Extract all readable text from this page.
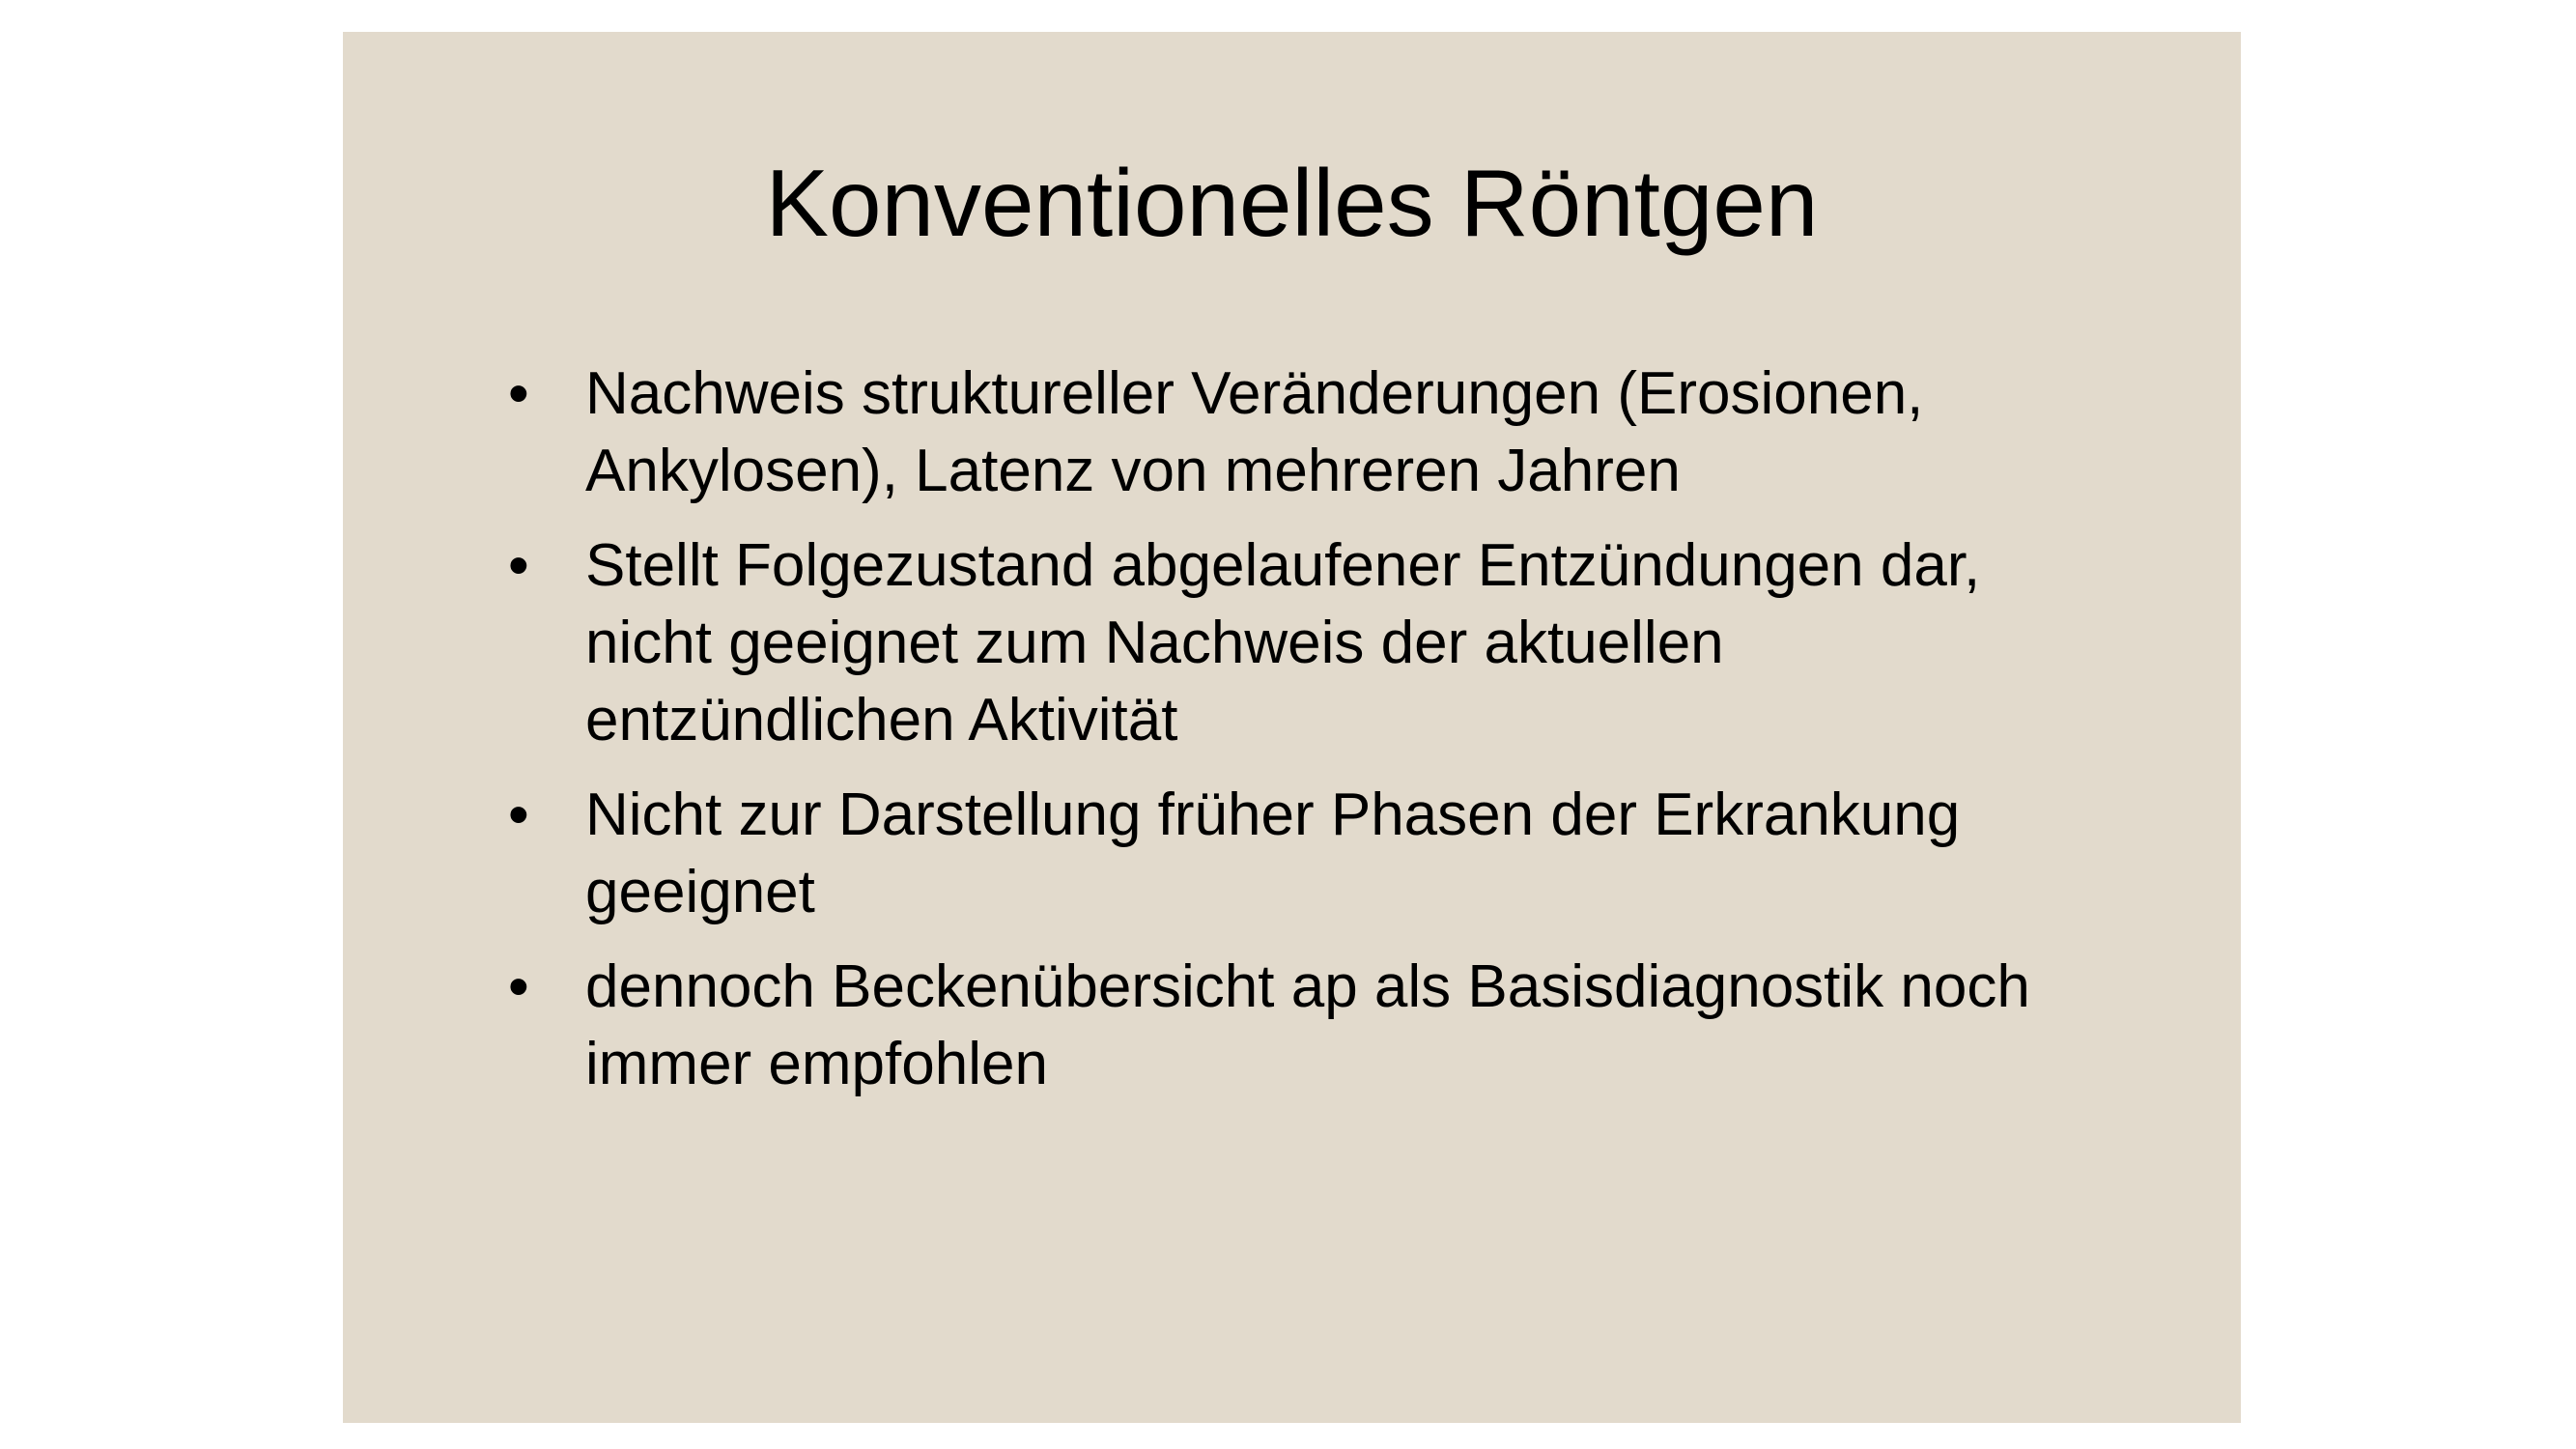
Konventionelles Röntgen
• Nachweis struktureller Veränderungen (Erosionen,
Ankylosen), Latenz von mehreren Jahren
• Stellt Folgezustand abgelaufener Entzündungen dar,
nicht geeignet zum Nachweis der aktuellen
entzündlichen Aktivität
• Nicht zur Darstellung früher Phasen der Erkrankung
geeignet
• dennoch Beckenübersicht ap als Basisdiagnostik noch
immer empfohlen
